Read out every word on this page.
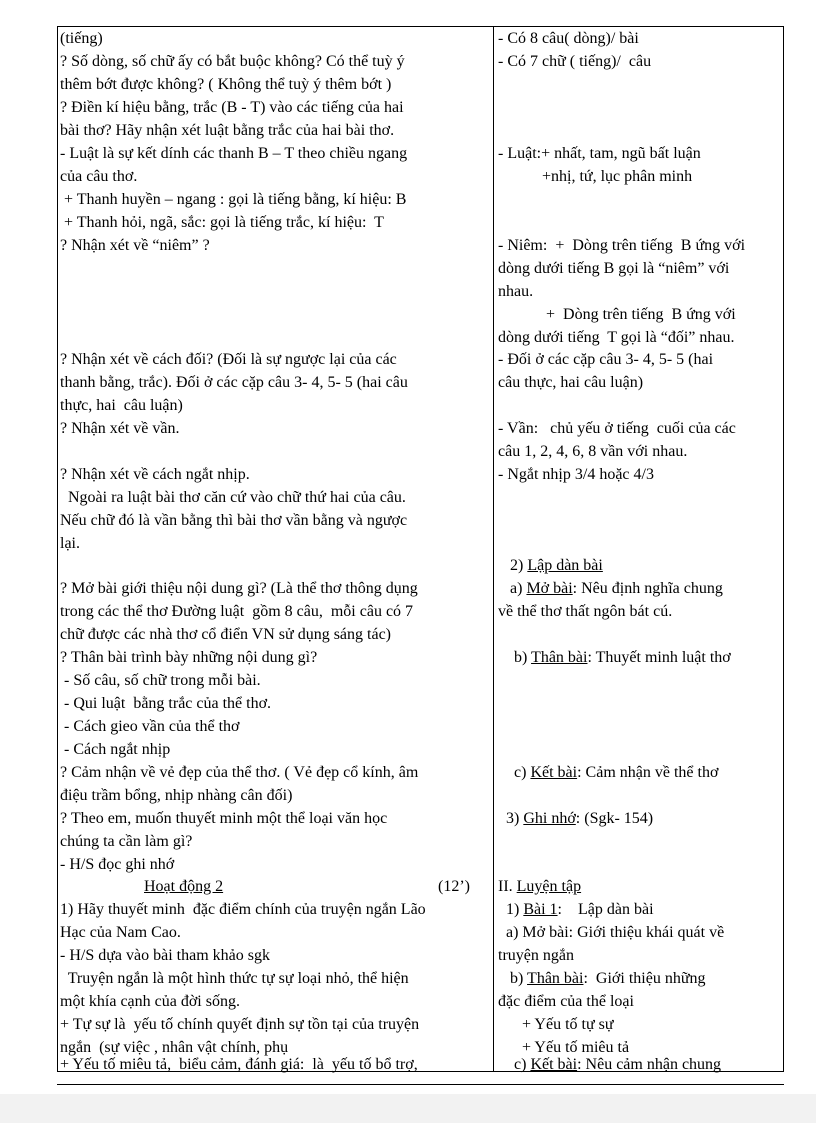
(tiếng)
? Số dòng, số chữ ấy có bắt buộc không? Có thể tuỳ ý
thêm bớt được không? ( Không thể tuỳ ý thêm bớt )
? Điền kí hiệu bằng, trắc (B - T) vào các tiếng của hai
bài thơ? Hãy nhận xét luật bằng trắc của hai bài thơ.
- Luật là sự kết dính các thanh B – T theo chiều ngang
của câu thơ.
+ Thanh huyền – ngang : gọi là tiếng bằng, kí hiệu: B
+ Thanh hỏi, ngã, sắc: gọi là tiếng trắc, kí hiệu:  T
? Nhận xét về “niêm” ?
? Nhận xét về cách đối? (Đối là sự ngược lại của các
thanh bằng, trắc). Đối ở các cặp câu 3- 4, 5- 5 (hai câu
thực, hai  câu luận)
? Nhận xét về vần.
? Nhận xét về cách ngắt nhịp.
Ngoài ra luật bài thơ căn cứ vào chữ thứ hai của câu.
Nếu chữ đó là vần bằng thì bài thơ vần bằng và ngược
lại.
? Mở bài giới thiệu nội dung gì? (Là thể thơ thông dụng
trong các thể thơ Đường luật  gồm 8 câu,  mỗi câu có 7
chữ được các nhà thơ cổ điển VN sử dụng sáng tác)
? Thân bài trình bày những nội dung gì?
- Số câu, số chữ trong mỗi bài.
- Qui luật  bằng trắc của thể thơ.
- Cách gieo vần của thể thơ
- Cách ngắt nhịp
? Cảm nhận về vẻ đẹp của thể thơ. ( Vẻ đẹp cổ kính, âm
điệu trầm bổng, nhịp nhàng cân đối)
? Theo em, muốn thuyết minh một thể loại văn học
chúng ta cần làm gì?
- H/S đọc ghi nhớ
1) Hãy thuyết minh  đặc điểm chính của truyện ngắn Lão
Hạc của Nam Cao.
- H/S dựa vào bài tham khảo sgk
Truyện ngắn là một hình thức tự sự loại nhỏ, thể hiện
một khía cạnh của đời sống.
+ Tự sự là  yếu tố chính quyết định sự tồn tại của truyện
ngắn  (sự việc , nhân vật chính, phụ
+ Yếu tố miêu tả,  biểu cảm, đánh giá:  là  yếu tố bổ trợ,
Hoạt động 2	(12’)
- Có 8 câu( dòng)/ bài
- Có 7 chữ ( tiếng)/  câu
- Luật:+ nhất, tam, ngũ bất luận
+nhị, tứ, lục phân minh
- Niêm:  +  Dòng trên tiếng  B ứng với
dòng dưới tiếng B gọi là “niêm” với
nhau.
+  Dòng trên tiếng  B ứng với
dòng dưới tiếng  T gọi là “đối” nhau.
- Đối ở các cặp câu 3- 4, 5- 5 (hai
câu thực, hai câu luận)
- Vần:   chủ yếu ở tiếng  cuối của các
câu 1, 2, 4, 6, 8 vần với nhau.
- Ngắt nhịp 3/4 hoặc 4/3
2) Lập dàn bài
a) Mở bài: Nêu định nghĩa chung
về thể thơ thất ngôn bát cú.
b) Thân bài: Thuyết minh luật thơ
c) Kết bài: Cảm nhận về thể thơ
3) Ghi nhớ: (Sgk- 154)
II. Luyện tập
1) Bài 1:    Lập dàn bài
a) Mở bài: Giới thiệu khái quát về
truyện ngắn
b) Thân bài:  Giới thiệu những
đặc điểm của thể loại
+ Yếu tố tự sự
+ Yếu tố miêu tả
c) Kết bài: Nêu cảm nhận chung
